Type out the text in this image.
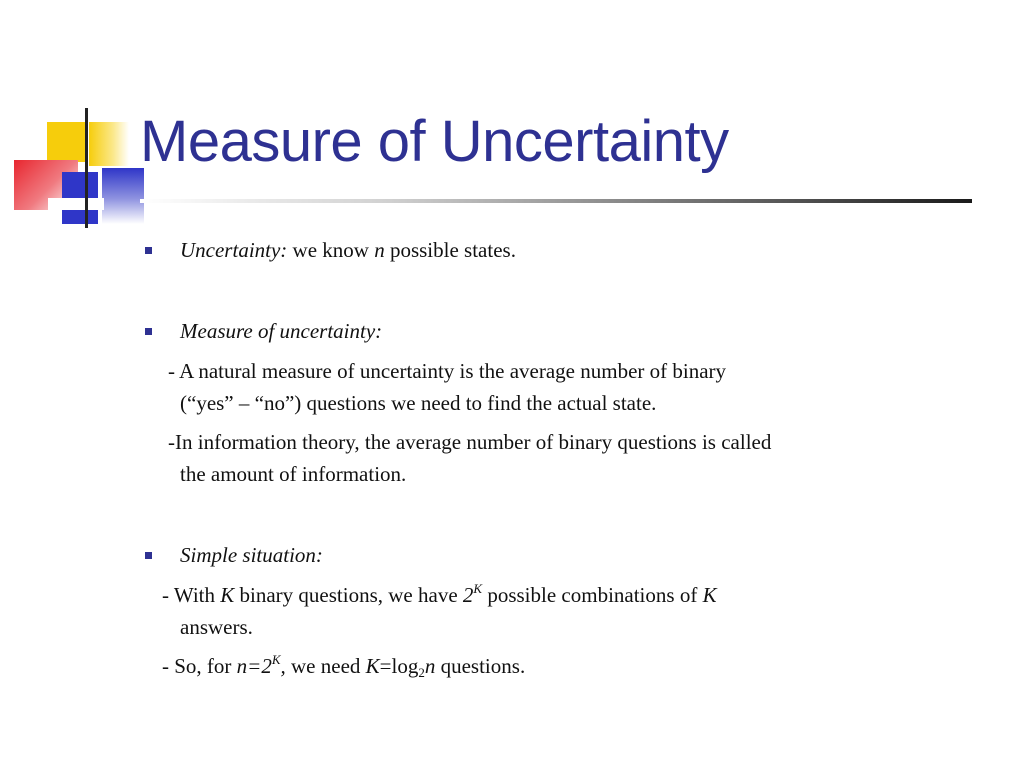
Measure of Uncertainty
Uncertainty: we know n possible states.
Measure of uncertainty:
- A natural measure of uncertainty is the average number of binary
(“yes” – “no”) questions we need to find the actual state.
-In information theory, the average number of binary questions is called
the amount of information.
Simple situation:
- With K binary questions, we have $2^K$ possible combinations of K
answers.
- So, for $n=2^K$, we need $K=\log_2n$ questions.
